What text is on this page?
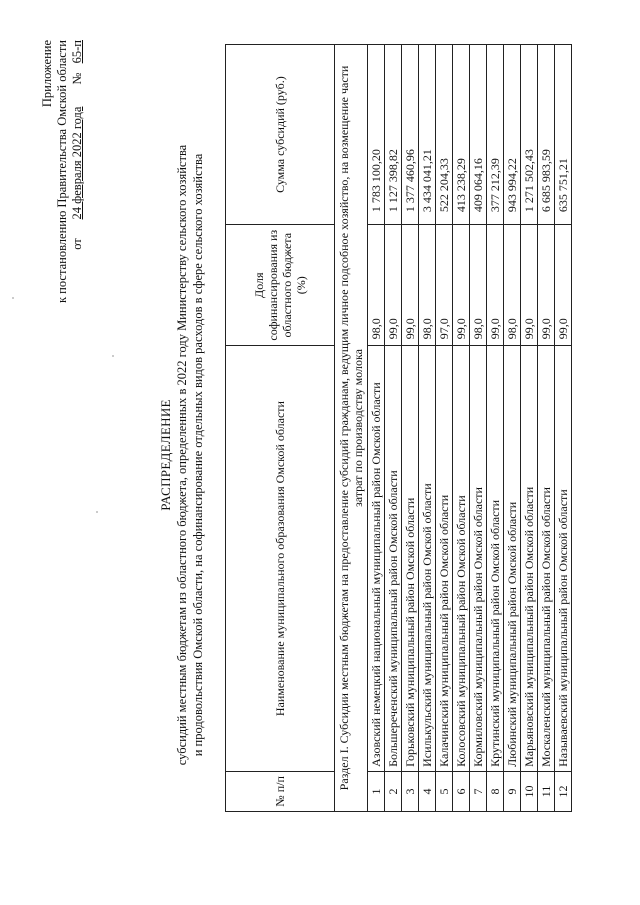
Приложение к постановлению Правительства Омской области от      24 февраля 2022 года       №   65-п
РАСПРЕДЕЛЕНИЕ субсидий местным бюджетам из областного бюджета, определенных в 2022 году Министерству сельского хозяйства и продовольствия Омской области, на софинансирование отдельных видов расходов в сфере сельского хозяйства
№ п/п	Наименование муниципального образования Омской области	Доля софинансирования из областного бюджета (%)	Сумма субсидий (руб.)
Раздел I. Субсидии местным бюджетам на предоставление субсидий гражданам, ведущим личное подсобное хозяйство, на возмещение части затрат по производству молока			
1	Азовский немецкий национальный муниципальный район Омской области	98,0	1 783 100,20
2	Большереченский муниципальный район Омской области	99,0	1 127 398,82
3	Горьковский муниципальный район Омской области	99,0	1 377 460,96
4	Исилькульский муниципальный район Омской области	98,0	3 434 041,21
5	Калачинский муниципальный район Омской области	97,0	522 204,33
6	Колосовский муниципальный район Омской области	99,0	413 238,29
7	Кормиловский муниципальный район Омской области	98,0	409 064,16
8	Крутинский муниципальный район Омской области	99,0	377 212,39
9	Любинский муниципальный район Омской области	98,0	943 994,22
10	Марьяновский муниципальный район Омской области	99,0	1 271 502,43
11	Москаленский муниципальный район Омской области	99,0	6 685 983,59
12	Называевский муниципальный район Омской области	99,0	635 751,21
